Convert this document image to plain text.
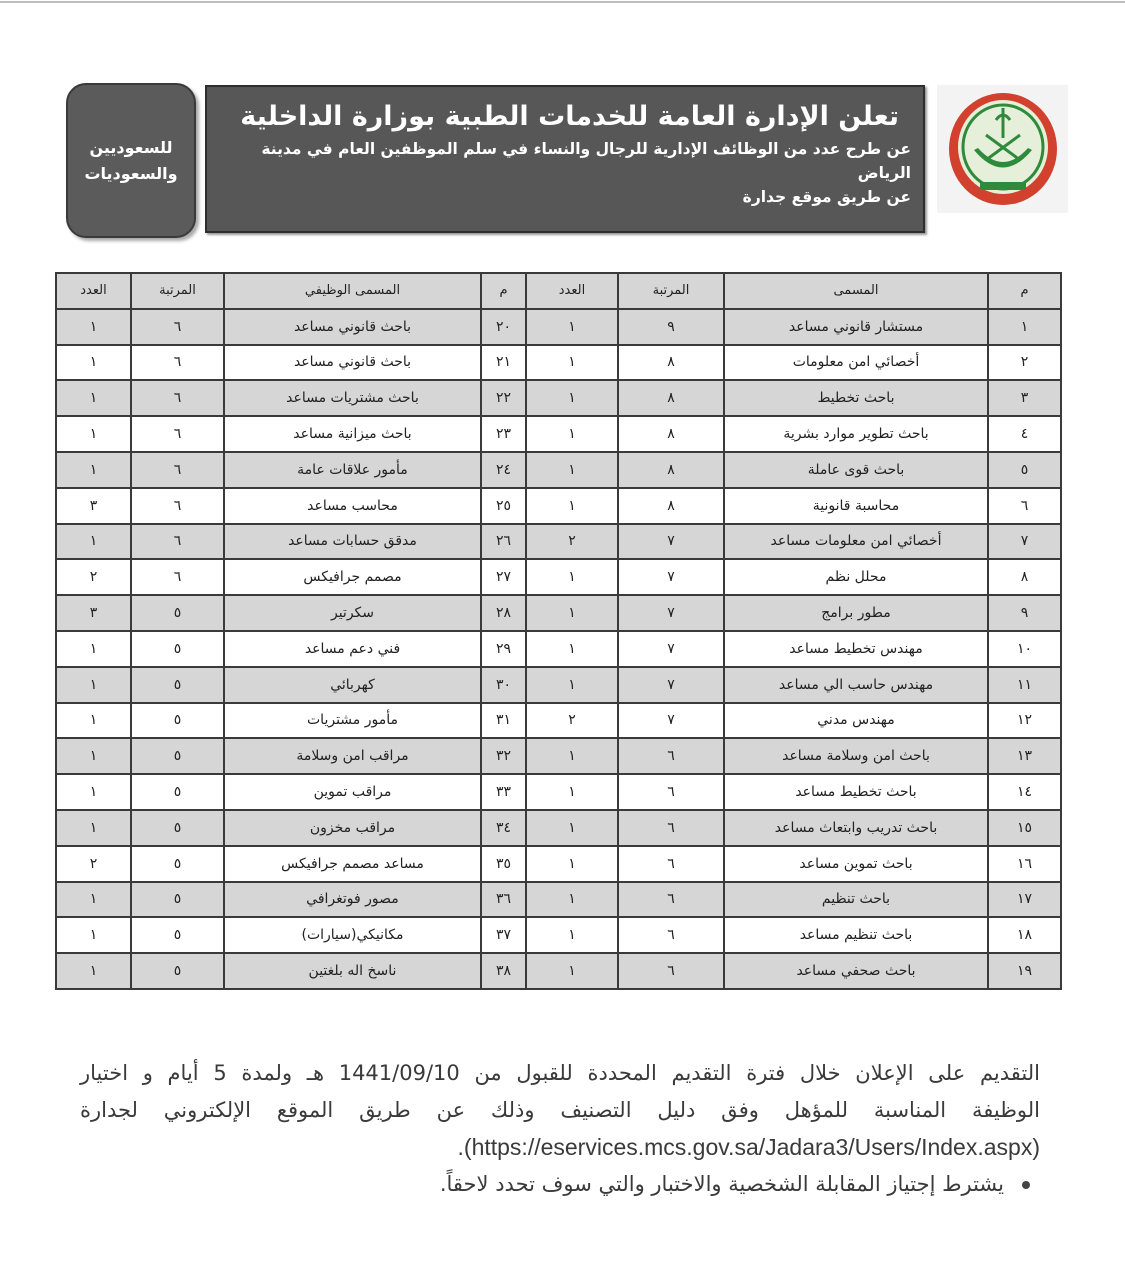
تعلن الإدارة العامة للخدمات الطبية بوزارة الداخلية

عن طرح عدد من الوظائف الإدارية للرجال والنساء في سلم الموظفين العام في مدينة الرياض

عن طريق موقع جدارة

للسعوديين
والسعوديات
م	المسمى	المرتبة	العدد	م	المسمى الوظيفي	المرتبة	العدد
١	مستشار قانوني مساعد	٩	١	٢٠	باحث قانوني مساعد	٦	١
٢	أخصائي امن معلومات	٨	١	٢١	باحث قانوني مساعد	٦	١
٣	باحث تخطيط	٨	١	٢٢	باحث مشتريات مساعد	٦	١
٤	باحث تطوير موارد بشرية	٨	١	٢٣	باحث ميزانية مساعد	٦	١
٥	باحث قوى عاملة	٨	١	٢٤	مأمور علاقات عامة	٦	١
٦	محاسبة قانونية	٨	١	٢٥	محاسب مساعد	٦	٣
٧	أخصائي امن معلومات مساعد	٧	٢	٢٦	مدقق حسابات مساعد	٦	١
٨	محلل نظم	٧	١	٢٧	مصمم جرافيكس	٦	٢
٩	مطور برامج	٧	١	٢٨	سكرتير	٥	٣
١٠	مهندس تخطيط مساعد	٧	١	٢٩	فني دعم مساعد	٥	١
١١	مهندس حاسب الي مساعد	٧	١	٣٠	كهربائي	٥	١
١٢	مهندس مدني	٧	٢	٣١	مأمور مشتريات	٥	١
١٣	باحث امن وسلامة مساعد	٦	١	٣٢	مراقب امن وسلامة	٥	١
١٤	باحث تخطيط مساعد	٦	١	٣٣	مراقب تموين	٥	١
١٥	باحث تدريب وابتعاث مساعد	٦	١	٣٤	مراقب مخزون	٥	١
١٦	باحث تموين مساعد	٦	١	٣٥	مساعد مصمم جرافيكس	٥	٢
١٧	باحث تنظيم	٦	١	٣٦	مصور فوتغرافي	٥	١
١٨	باحث تنظيم مساعد	٦	١	٣٧	مكانيكي(سيارات)	٥	١
١٩	باحث صحفي مساعد	٦	١	٣٨	ناسخ اله بلغتين	٥	١
التقديم على الإعلان خلال فترة التقديم المحددة للقبول من 1441/09/10 هـ ولمدة 5 أيام و اختيار
الوظيفة المناسبة للمؤهل وفق دليل التصنيف وذلك عن طريق الموقع الإلكتروني لجدارة
(https://eservices.mcs.gov.sa/Jadara3/Users/Index.aspx).
يشترط إجتياز المقابلة الشخصية والاختبار والتي سوف تحدد لاحقاً.
